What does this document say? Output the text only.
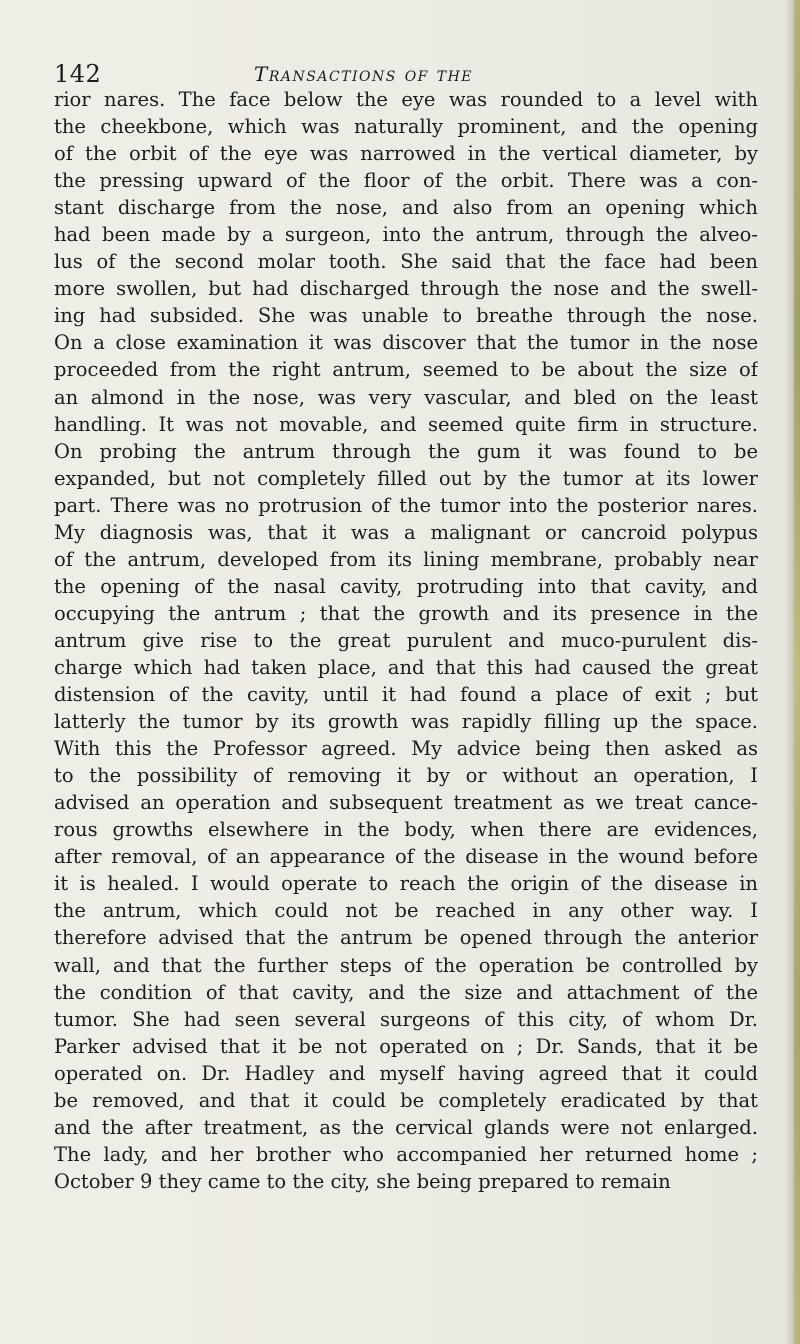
142	Transactions of the
rior nares. The face below the eye was rounded to a level with
the cheekbone, which was naturally prominent, and the opening
of the orbit of the eye was narrowed in the vertical diameter, by
the pressing upward of the floor of the orbit. There was a con-
stant discharge from the nose, and also from an opening which
had been made by a surgeon, into the antrum, through the alveo-
lus of the second molar tooth. She said that the face had been
more swollen, but had discharged through the nose and the swell-
ing had subsided. She was unable to breathe through the nose.
On a close examination it was discover that the tumor in the nose
proceeded from the right antrum, seemed to be about the size of
an almond in the nose, was very vascular, and bled on the least
handling. It was not movable, and seemed quite firm in structure.
On probing the antrum through the gum it was found to be
expanded, but not completely filled out by the tumor at its lower
part. There was no protrusion of the tumor into the posterior nares.
My diagnosis was, that it was a malignant or cancroid polypus
of the antrum, developed from its lining membrane, probably near
the opening of the nasal cavity, protruding into that cavity, and
occupying the antrum ; that the growth and its presence in the
antrum give rise to the great purulent and muco-purulent dis-
charge which had taken place, and that this had caused the great
distension of the cavity, until it had found a place of exit ; but
latterly the tumor by its growth was rapidly filling up the space.
With this the Professor agreed. My advice being then asked as
to the possibility of removing it by or without an operation, I
advised an operation and subsequent treatment as we treat cance-
rous growths elsewhere in the body, when there are evidences,
after removal, of an appearance of the disease in the wound before
it is healed. I would operate to reach the origin of the disease in
the antrum, which could not be reached in any other way. I
therefore advised that the antrum be opened through the anterior
wall, and that the further steps of the operation be controlled by
the condition of that cavity, and the size and attachment of the
tumor. She had seen several surgeons of this city, of whom Dr.
Parker advised that it be not operated on ; Dr. Sands, that it be
operated on. Dr. Hadley and myself having agreed that it could
be removed, and that it could be completely eradicated by that
and the after treatment, as the cervical glands were not enlarged.
The lady, and her brother who accompanied her returned home ;
October 9 they came to the city, she being prepared to remain
